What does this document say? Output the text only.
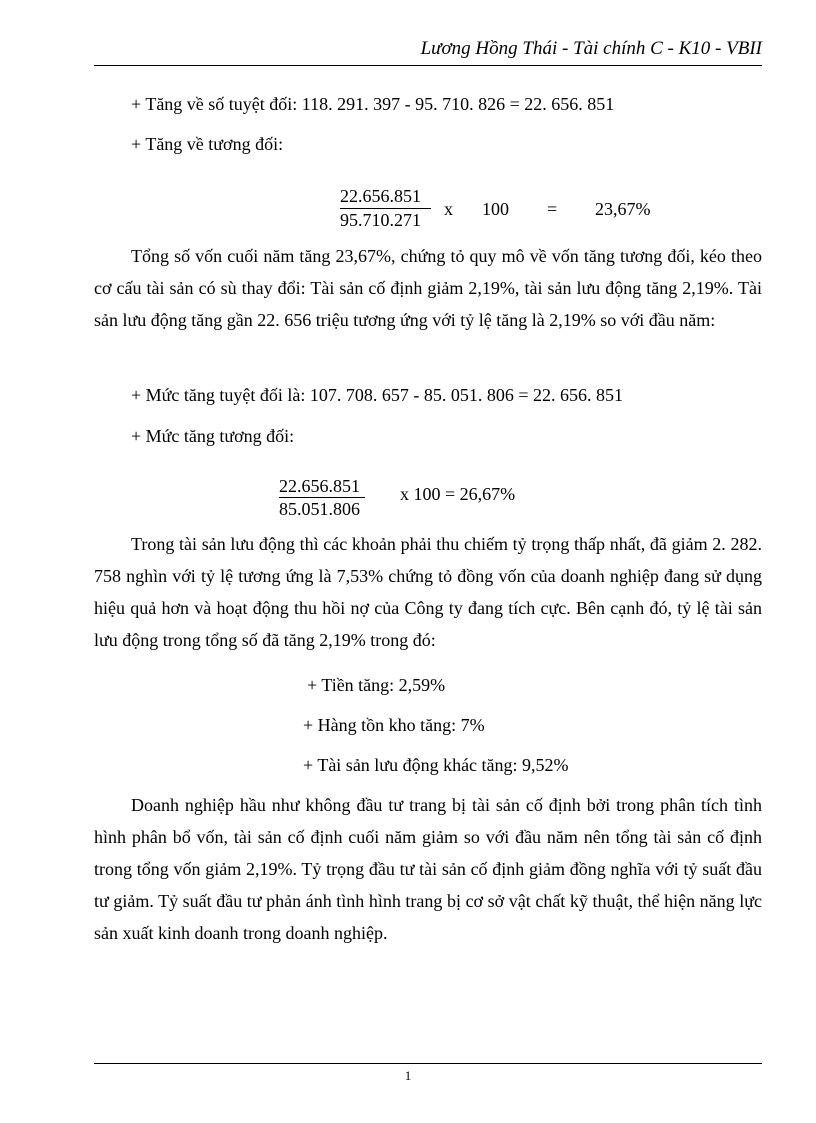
Lương Hồng Thái - Tài chính C - K10 - VBII
+ Tăng về số tuyệt đối: 118. 291. 397 - 95. 710. 826 = 22. 656. 851
+ Tăng về tương đối:
22.656.851
95.710.271
x 100 = 23,67%
Tổng số vốn cuối năm tăng 23,67%, chứng tỏ quy mô về vốn tăng tương đối, kéo theo cơ cấu tài sản có sù thay đổi: Tài sản cố định giảm 2,19%, tài sản lưu động tăng 2,19%. Tài sản lưu động tăng gần 22. 656 triệu tương ứng với tỷ lệ tăng là 2,19% so với đầu năm:
+ Mức tăng tuyệt đối là: 107. 708. 657 - 85. 051. 806 = 22. 656. 851
+ Mức tăng tương đối:
22.656.851
85.051.806
x 100 = 26,67%
Trong tài sản lưu động thì các khoản phải thu chiếm tỷ trọng thấp nhất, đã giảm 2. 282. 758 nghìn với tỷ lệ tương ứng là 7,53% chứng tỏ đồng vốn của doanh nghiệp đang sử dụng hiệu quả hơn và hoạt động thu hồi nợ của Công ty đang tích cực. Bên cạnh đó, tỷ lệ tài sản lưu động trong tổng số đã tăng 2,19% trong đó:
+ Tiền tăng: 2,59%
+ Hàng tồn kho tăng: 7%
+ Tài sản lưu động khác tăng: 9,52%
Doanh nghiệp hầu như không đầu tư trang bị tài sản cố định bởi trong phân tích tình hình phân bổ vốn, tài sản cố định cuối năm giảm so với đầu năm nên tổng tài sản cố định trong tổng vốn giảm 2,19%. Tỷ trọng đầu tư tài sản cố định giảm đồng nghĩa với tỷ suất đầu tư giảm. Tỷ suất đầu tư phản ánh tình hình trang bị cơ sở vật chất kỹ thuật, thể hiện năng lực sản xuất kinh doanh trong doanh nghiệp.
1
